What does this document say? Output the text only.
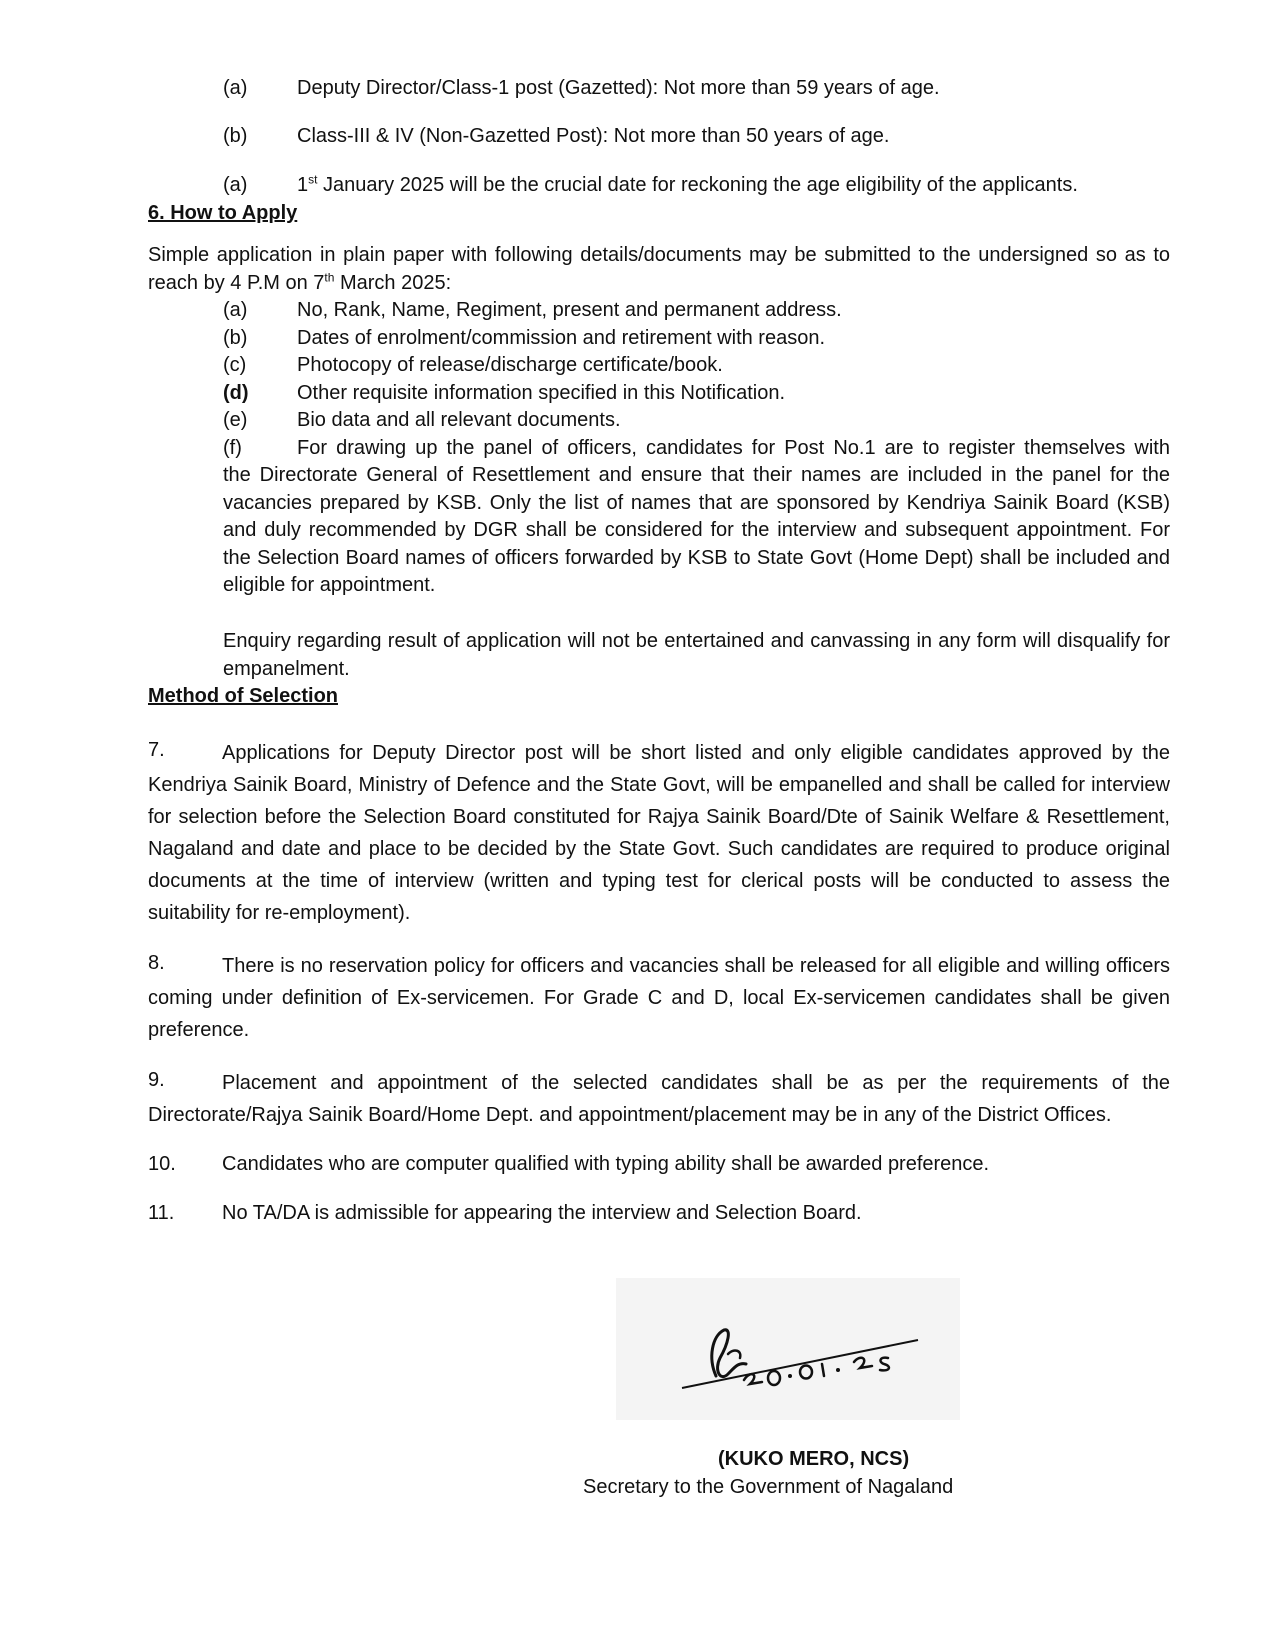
(a) Deputy Director/Class-1 post (Gazetted): Not more than 59 years of age.
(b) Class-III & IV (Non-Gazetted Post): Not more than 50 years of age.
(a) 1st January 2025 will be the crucial date for reckoning the age eligibility of the applicants.
6. How to Apply
Simple application in plain paper with following details/documents may be submitted to the undersigned so as to reach by 4 P.M on 7th March 2025:
(a) No, Rank, Name, Regiment, present and permanent address.
(b) Dates of enrolment/commission and retirement with reason.
(c)	Photocopy of release/discharge certificate/book.
(d) Other requisite information specified in this Notification.
(e) Bio data and all relevant documents.
(f)	For drawing up the panel of officers, candidates for Post No.1 are to register themselves with
the Directorate General of Resettlement and ensure that their names are included in the panel for the vacancies prepared by KSB. Only the list of names that are sponsored by Kendriya Sainik Board (KSB) and duly recommended by DGR shall be considered for the interview and subsequent appointment. For the Selection Board names of officers forwarded by KSB to State Govt (Home Dept) shall be included and eligible for appointment.
Enquiry regarding result of application will not be entertained and canvassing in any form will disqualify for empanelment.
Method of Selection
7.	Applications for Deputy Director post will be short listed and only eligible candidates approved by the Kendriya Sainik Board, Ministry of Defence and the State Govt, will be empanelled and shall be called for interview for selection before the Selection Board constituted for Rajya Sainik Board/Dte of Sainik Welfare & Resettlement, Nagaland and date and place to be decided by the State Govt. Such candidates are required to produce original documents at the time of interview (written and typing test for clerical posts will be conducted to assess the suitability for re-employment).
8.	There is no reservation policy for officers and vacancies shall be released for all eligible and willing officers coming under definition of Ex-servicemen. For Grade C and D, local Ex-servicemen candidates shall be given preference.
9.	Placement and appointment of the selected candidates shall be as per the requirements of the Directorate/Rajya Sainik Board/Home Dept. and appointment/placement may be in any of the District Offices.
10. Candidates who are computer qualified with typing ability shall be awarded preference.
11. No TA/DA is admissible for appearing the interview and Selection Board.
(KUKO MERO, NCS)
Secretary to the Government of Nagaland
